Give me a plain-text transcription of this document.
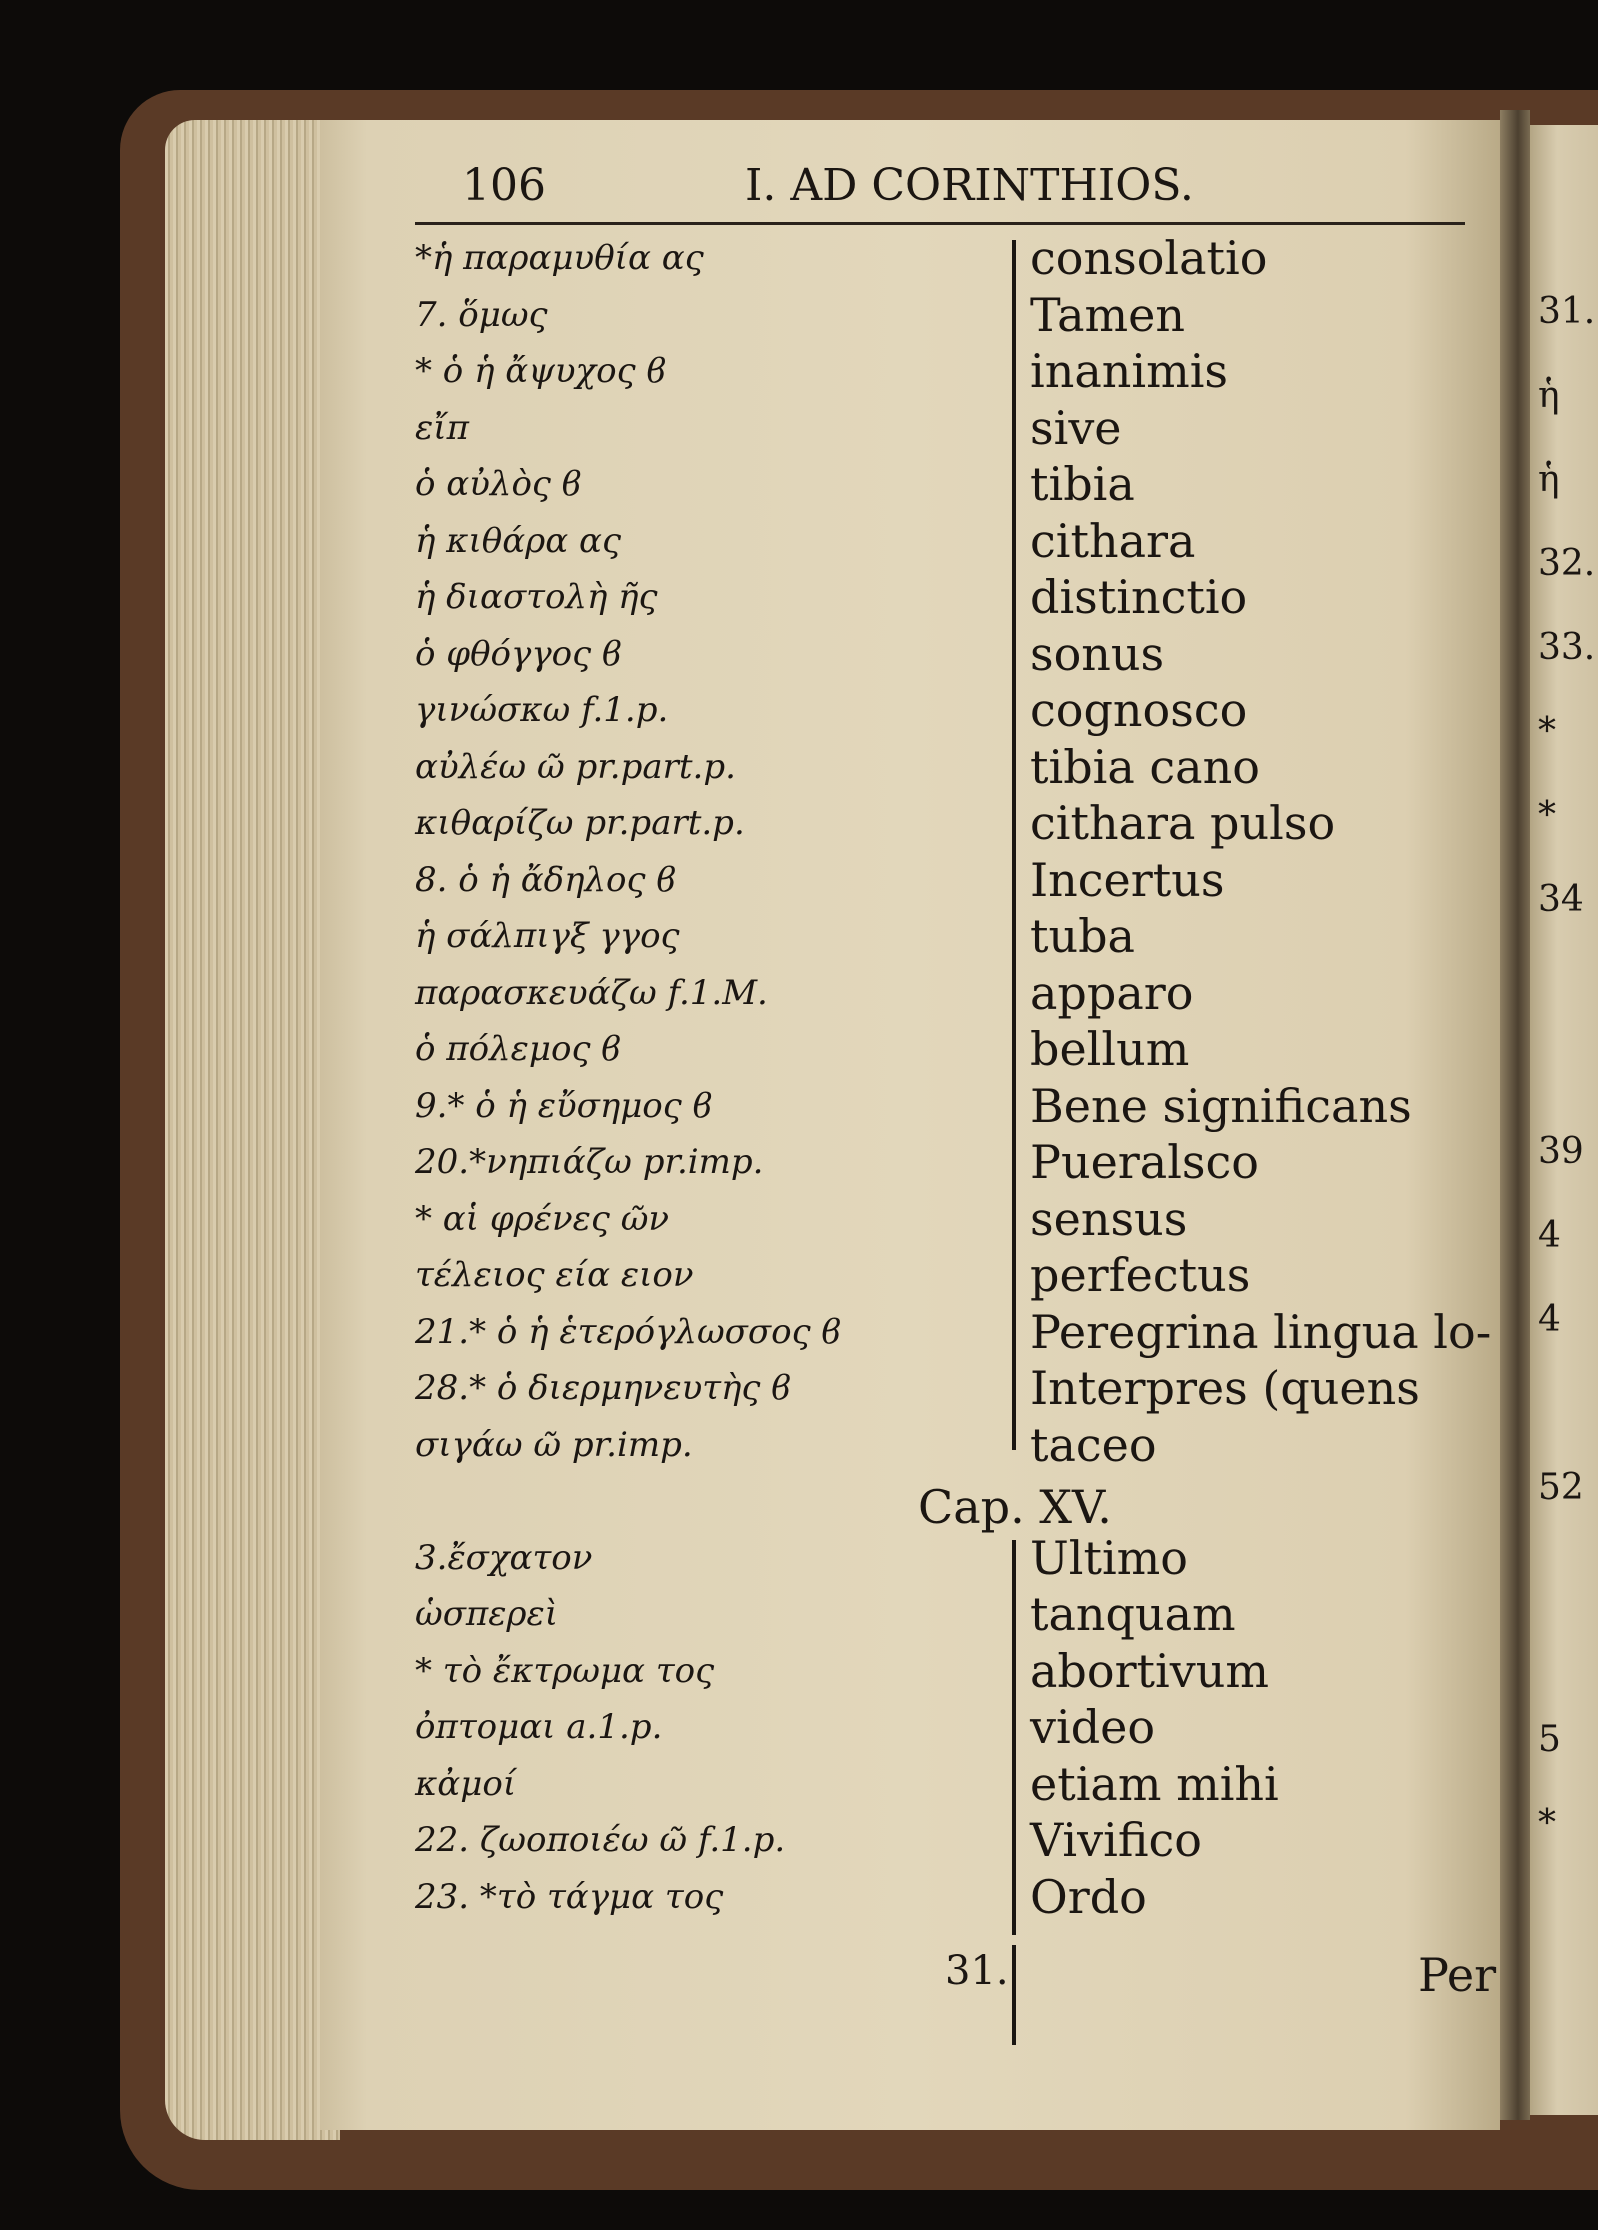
106	I. AD CORINTHIOS.
*ἡ παραμυθία ας
7. ὅμως
* ὁ ἡ ἄψυχος ϐ
εἴπ
ὁ αὐλὸς ϐ
ἡ κιθάρα ας
ἡ διαστολὴ ῆς
ὁ φθόγγος ϐ
γινώσκω f.1.p.
αὐλέω ῶ pr.part.p.
κιθαρίζω pr.part.p.
8. ὁ ἡ ἄδηλος ϐ
ἡ σάλπιγξ γγος
παρασκευάζω f.1.M.
ὁ πόλεμος ϐ
9.* ὁ ἡ εὔσημος ϐ
20.*νηπιάζω pr.imp.
* αἱ φρένες ῶν
τέλειος εία ειον
21.* ὁ ἡ ἑτερόγλωσσος ϐ
28.* ὁ διερμηνευτὴς ϐ
σιγάω ῶ pr.imp.
3.ἔσχατον
ὡσπερεὶ
* τὸ ἔκτρωμα τος
ὀπτομαι a.1.p.
κἀμοί
22. ζωοποιέω ῶ f.1.p.
23. *τὸ τάγμα τος
consolatio
Tamen
inanimis
sive
tibia
cithara
distinctio
sonus
cognosco
tibia cano
cithara pulso
Incertus
tuba
apparo
bellum
Bene significans
Pueralsco
sensus
perfectus
Peregrina lingua lo-
Interpres (quens
taceo
Ultimo
tanquam
abortivum
video
etiam mihi
Vivifico
Ordo
Cap. XV.
31.	Per
31.
ἡ
ἡ
32.
33.
*
*
34
39
4
4
52
5
*
